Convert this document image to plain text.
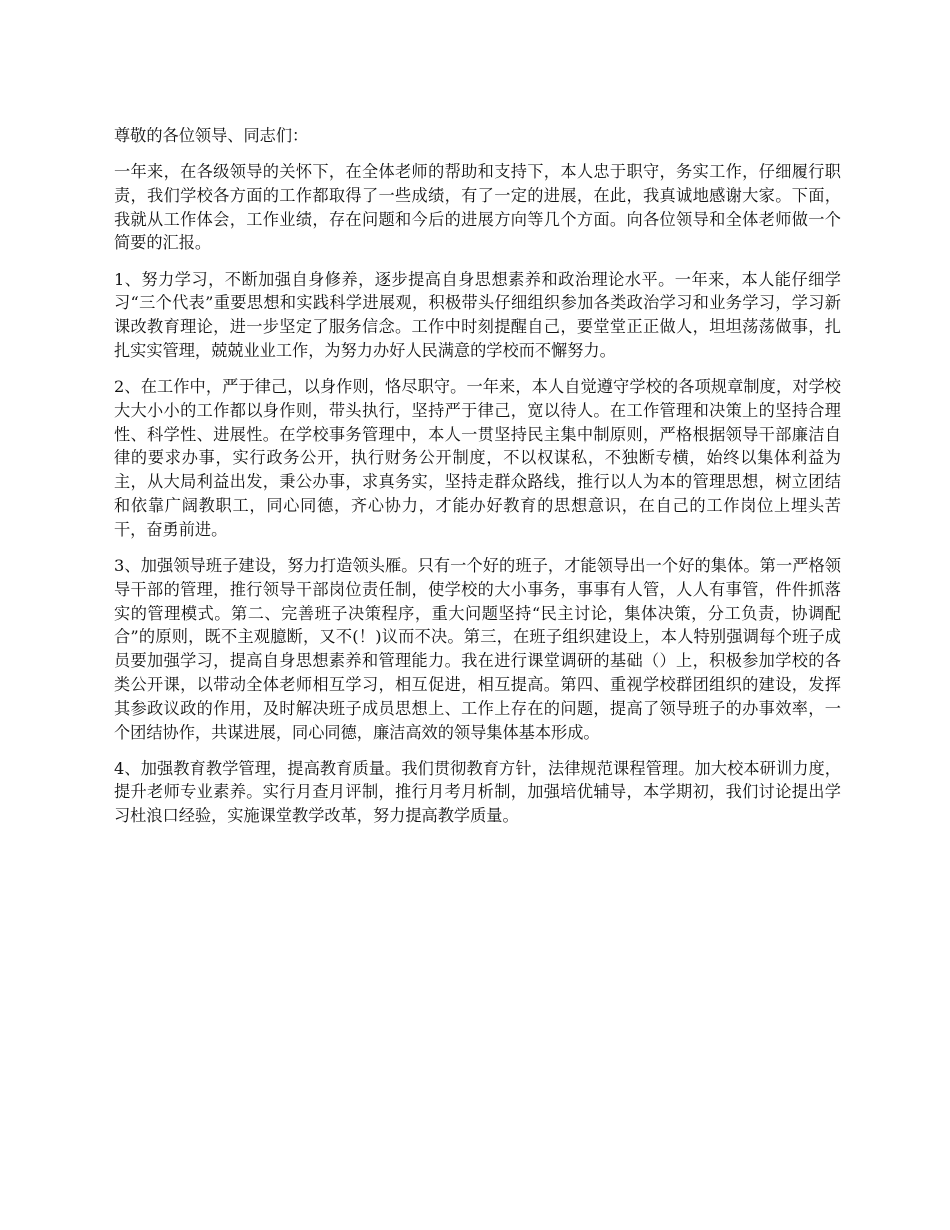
尊敬的各位领导、同志们：

一年来，在各级领导的关怀下，在全体老师的帮助和支持下，本人忠于职守，务实工作，仔细履行职责，我们学校各方面的工作都取得了一些成绩，有了一定的进展，在此，我真诚地感谢大家。下面，我就从工作体会，工作业绩，存在问题和今后的进展方向等几个方面。向各位领导和全体老师做一个简要的汇报。

1、努力学习，不断加强自身修养，逐步提高自身思想素养和政治理论水平。一年来，本人能仔细学习“三个代表”重要思想和实践科学进展观，积极带头仔细组织参加各类政治学习和业务学习，学习新课改教育理论，进一步坚定了服务信念。工作中时刻提醒自己，要堂堂正正做人，坦坦荡荡做事，扎扎实实管理，兢兢业业工作，为努力办好人民满意的学校而不懈努力。

2、在工作中，严于律己，以身作则，恪尽职守。一年来，本人自觉遵守学校的各项规章制度，对学校大大小小的工作都以身作则，带头执行，坚持严于律己，宽以待人。在工作管理和决策上的坚持合理性、科学性、进展性。在学校事务管理中，本人一贯坚持民主集中制原则，严格根据领导干部廉洁自律的要求办事，实行政务公开，执行财务公开制度，不以权谋私，不独断专横，始终以集体利益为主，从大局利益出发，秉公办事，求真务实，坚持走群众路线，推行以人为本的管理思想，树立团结和依靠广阔教职工，同心同德，齐心协力，才能办好教育的思想意识，在自己的工作岗位上埋头苦干，奋勇前进。

3、加强领导班子建设，努力打造领头雁。只有一个好的班子，才能领导出一个好的集体。第一严格领导干部的管理，推行领导干部岗位责任制，使学校的大小事务，事事有人管，人人有事管，件件抓落实的管理模式。第二、完善班子决策程序，重大问题坚持“民主讨论，集体决策，分工负责，协调配合”的原则，既不主观臆断，又不(！)议而不决。第三，在班子组织建设上，本人特别强调每个班子成员要加强学习，提高自身思想素养和管理能力。我在进行课堂调研的基础（）上，积极参加学校的各类公开课，以带动全体老师相互学习，相互促进，相互提高。第四、重视学校群团组织的建设，发挥其参政议政的作用，及时解决班子成员思想上、工作上存在的问题，提高了领导班子的办事效率，一个团结协作，共谋进展，同心同德，廉洁高效的领导集体基本形成。

4、加强教育教学管理，提高教育质量。我们贯彻教育方针，法律规范课程管理。加大校本研训力度，提升老师专业素养。实行月查月评制，推行月考月析制，加强培优辅导，本学期初，我们讨论提出学习杜浪口经验，实施课堂教学改革，努力提高教学质量。
